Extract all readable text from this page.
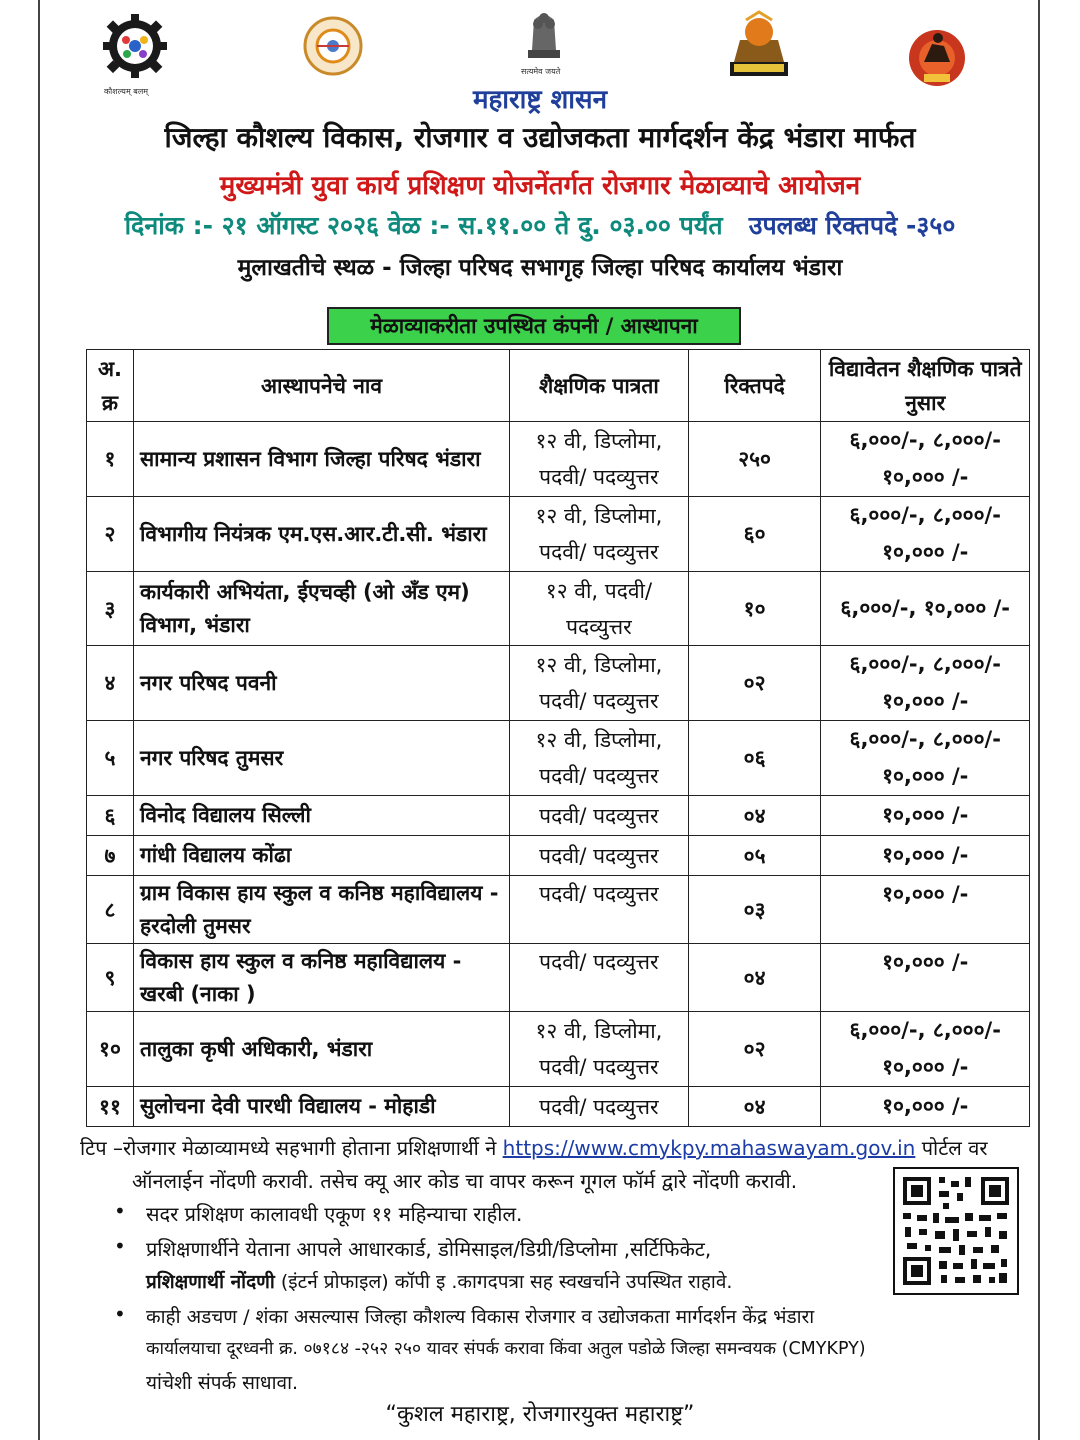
कौशल्यम् बलम्
सत्यमेव जयते
महाराष्ट्र शासन
जिल्हा कौशल्य विकास, रोजगार व उद्योजकता मार्गदर्शन केंद्र भंडारा मार्फत
मुख्यमंत्री युवा कार्य प्रशिक्षण योजनेंतर्गत रोजगार मेळाव्याचे आयोजन
दिनांक :- २१ ऑगस्ट २०२६ वेळ :- स.११.०० ते दु. ०३.०० पर्यंत उपलब्ध रिक्तपदे -३५०
मुलाखतीचे स्थळ - जिल्हा परिषद सभागृह जिल्हा परिषद कार्यालय भंडारा
मेळाव्याकरीता उपस्थित कंपनी / आस्थापना
अ. क्र	आस्थापनेचे नाव	शैक्षणिक पात्रता	रिक्तपदे	विद्यावेतन शैक्षणिक पात्रते नुसार
१	सामान्य प्रशासन विभाग जिल्हा परिषद भंडारा	१२ वी, डिप्लोमा, पदवी/ पदव्युत्तर	२५०	६,०००/-, ८,०००/- १०,००० /-
२	विभागीय नियंत्रक एम.एस.आर.टी.सी. भंडारा	१२ वी, डिप्लोमा, पदवी/ पदव्युत्तर	६०	६,०००/-, ८,०००/- १०,००० /-
३	कार्यकारी अभियंता, ईएचव्ही (ओ अँड एम) विभाग, भंडारा	१२ वी, पदवी/ पदव्युत्तर	१०	६,०००/-, १०,००० /-
४	नगर परिषद पवनी	१२ वी, डिप्लोमा, पदवी/ पदव्युत्तर	०२	६,०००/-, ८,०००/- १०,००० /-
५	नगर परिषद तुमसर	१२ वी, डिप्लोमा, पदवी/ पदव्युत्तर	०६	६,०००/-, ८,०००/- १०,००० /-
६	विनोद विद्यालय सिल्ली	पदवी/ पदव्युत्तर	०४	१०,००० /-
७	गांधी विद्यालय कोंढा	पदवी/ पदव्युत्तर	०५	१०,००० /-
८	ग्राम विकास हाय स्कुल व कनिष्ठ महाविद्यालय - हरदोली तुमसर	पदवी/ पदव्युत्तर	०३	१०,००० /-
९	विकास हाय स्कुल व कनिष्ठ महाविद्यालय - खरबी (नाका )	पदवी/ पदव्युत्तर	०४	१०,००० /-
१०	तालुका कृषी अधिकारी, भंडारा	१२ वी, डिप्लोमा, पदवी/ पदव्युत्तर	०२	६,०००/-, ८,०००/- १०,००० /-
११	सुलोचना देवी पारधी विद्यालय - मोहाडी	पदवी/ पदव्युत्तर	०४	१०,००० /-
टिप –रोजगार मेळाव्यामध्ये सहभागी होताना प्रशिक्षणार्थी ने https://www.cmykpy.mahaswayam.gov.in पोर्टल वर
ऑनलाईन नोंदणी करावी. तसेच क्यू आर कोड चा वापर करून गूगल फॉर्म द्वारे नोंदणी करावी.
• सदर प्रशिक्षण कालावधी एकूण ११ महिन्याचा राहील.
• प्रशिक्षणार्थीने येताना आपले आधारकार्ड, डोमिसाइल/डिग्री/डिप्लोमा ,सर्टिफिकेट,
प्रशिक्षणार्थी नोंदणी (इंटर्न प्रोफाइल) कॉपी इ .कागदपत्रा सह स्वखर्चाने उपस्थित राहावे.
• काही अडचण / शंका असल्यास जिल्हा कौशल्य विकास रोजगार व उद्योजकता मार्गदर्शन केंद्र भंडारा
कार्यालयाचा दूरध्वनी क्र. ०७१८४ -२५२ २५० यावर संपर्क करावा किंवा अतुल पडोळे जिल्हा समन्वयक (CMYKPY)
यांचेशी संपर्क साधावा.
“कुशल महाराष्ट्र, रोजगारयुक्त महाराष्ट्र”
